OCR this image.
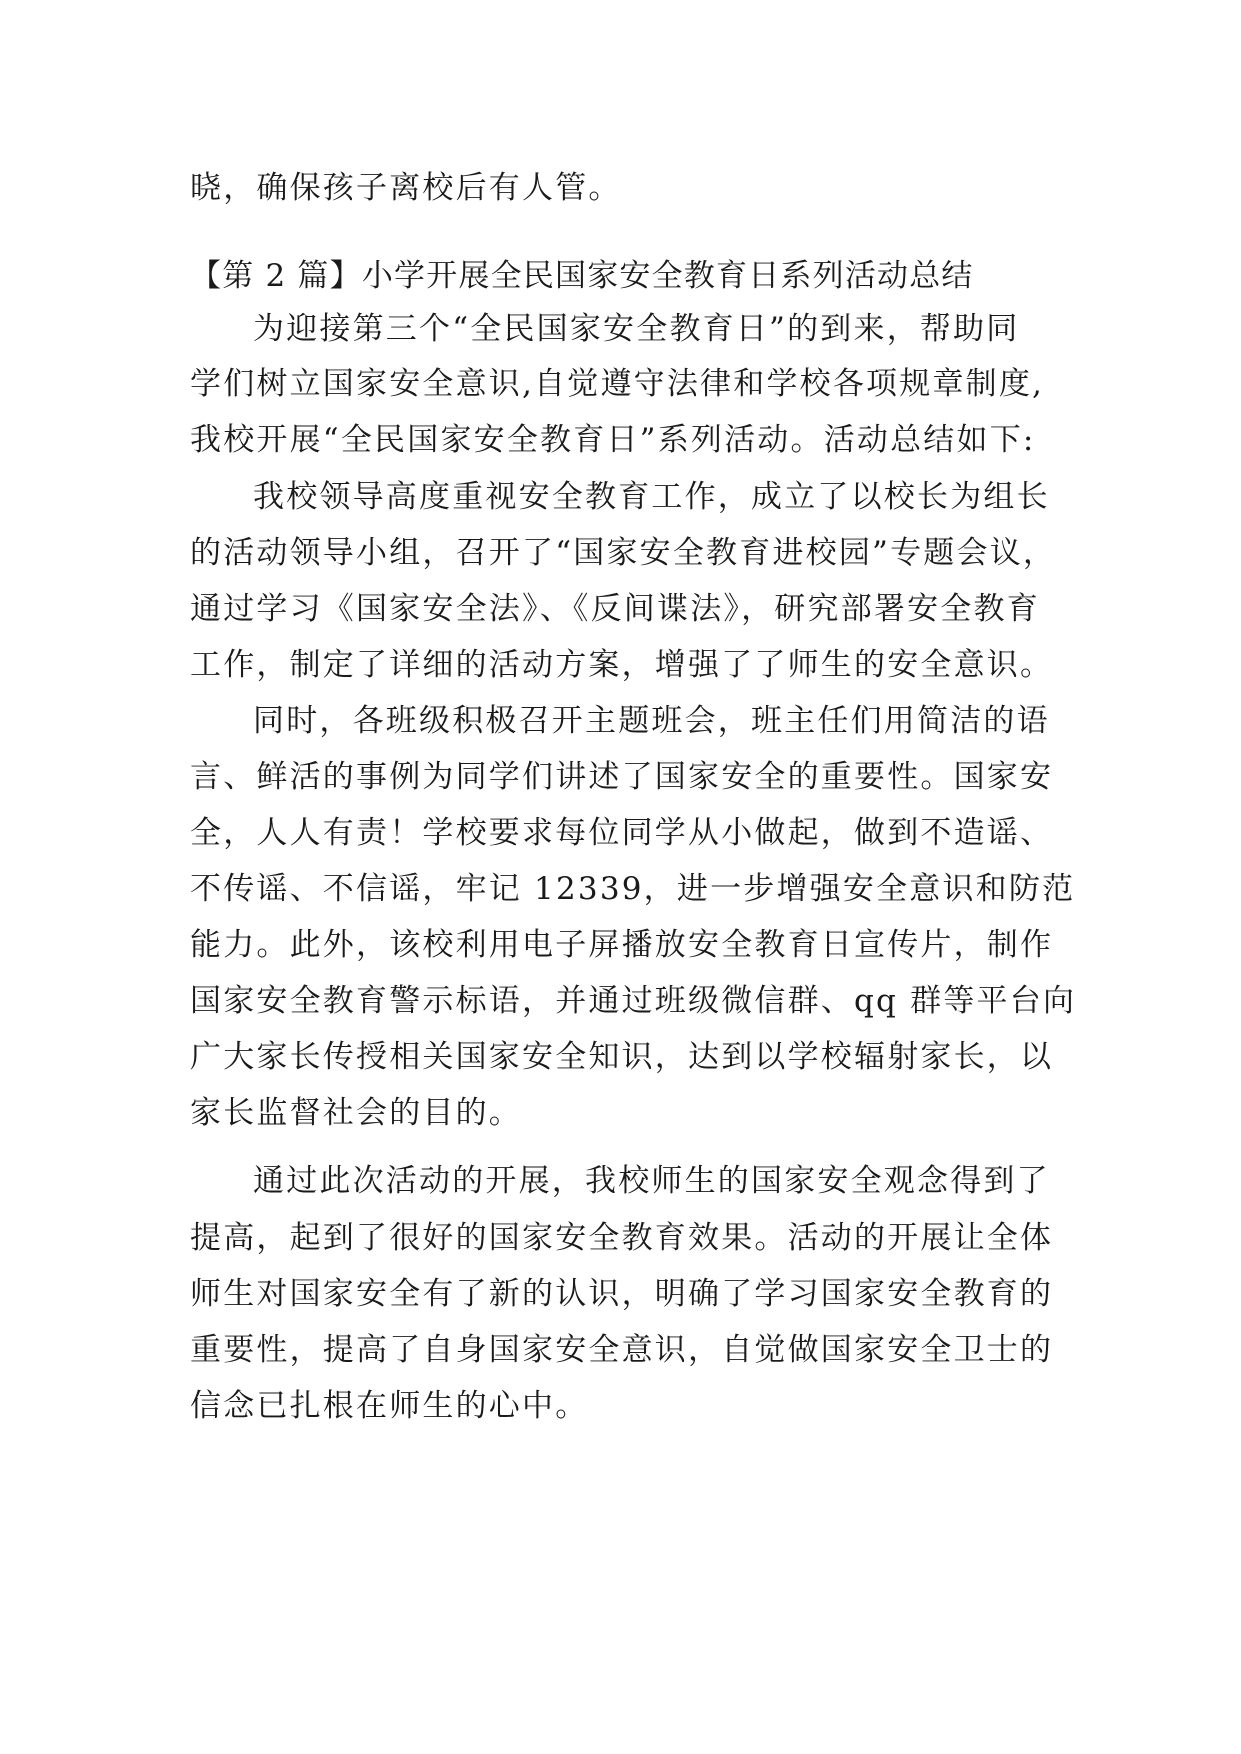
晓，确保孩子离校后有人管。
【第 2 篇】小学开展全民国家安全教育日系列活动总结
为迎接第三个“全民国家安全教育日”的到来，帮助同
学们树立国家安全意识,自觉遵守法律和学校各项规章制度,
我校开展“全民国家安全教育日”系列活动。活动总结如下:
我校领导高度重视安全教育工作，成立了以校长为组长
的活动领导小组，召开了“国家安全教育进校园”专题会议，
通过学习《国家安全法》、《反间谍法》，研究部署安全教育
工作，制定了详细的活动方案，增强了了师生的安全意识。
同时，各班级积极召开主题班会，班主任们用简洁的语
言、鲜活的事例为同学们讲述了国家安全的重要性。国家安
全，人人有责！学校要求每位同学从小做起，做到不造谣、
不传谣、不信谣，牢记 12339，进一步增强安全意识和防范
能力。此外，该校利用电子屏播放安全教育日宣传片，制作
国家安全教育警示标语，并通过班级微信群、qq 群等平台向
广大家长传授相关国家安全知识，达到以学校辐射家长，以
家长监督社会的目的。
通过此次活动的开展，我校师生的国家安全观念得到了
提高，起到了很好的国家安全教育效果。活动的开展让全体
师生对国家安全有了新的认识，明确了学习国家安全教育的
重要性，提高了自身国家安全意识，自觉做国家安全卫士的
信念已扎根在师生的心中。
